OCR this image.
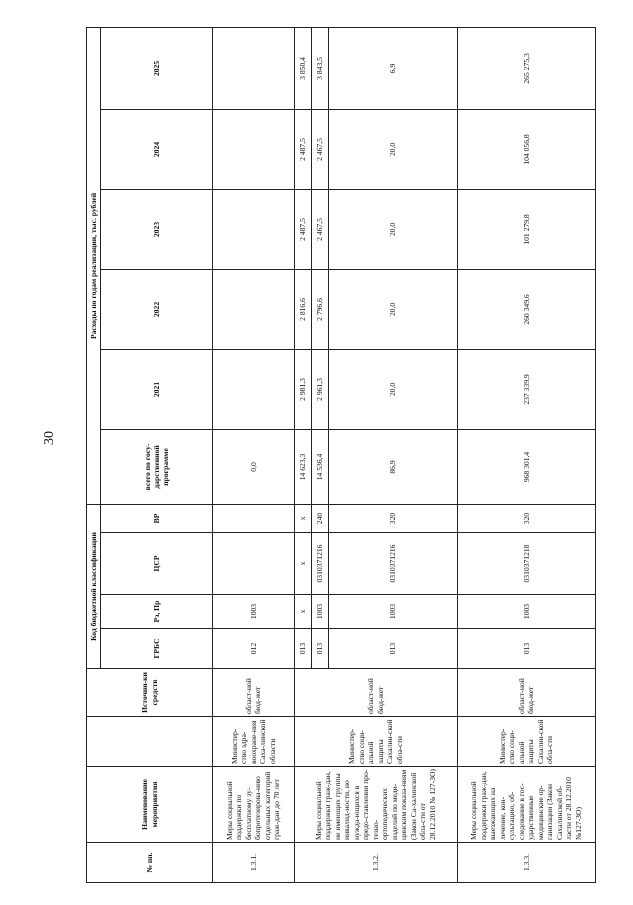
30
№ пп.	Наименование мероприятия		Источни-ки средств	Код бюджетной классификации				Расходы по годам реализации, тыс. рублей					
				ГРБС	Рз, Пр	ЦСР	ВР	всего по госу-дарственной программе	2021	2022	2023	2024	2025
1.3.1.	Меры социальной поддержки по бесплатному зу-бопротезирова-нию отдельных категорий граж-дан до 70 лет	Министер-ство здра-воохране-ния Саха-линской области	област-ной бюд-жет	012	1003			0,0					
1.3.2.	Меры социальной поддержки граж-дан, не имеющих группы инвалид-ности, но нужда-ющихся в предо-ставлении про-тезно-ортопедических изделий по меди-цинским показа-ниям (Закон Са-халинской обла-сти от 28.12.2010 № 127-ЗО)	Министер-ство соци-альной защиты Сахалин-ской обла-сти	област-ной бюд-жет	013	x	x	x	14 623,3	2 981,3	2 816,6	2 487,5	2 487,5	3 850,4
				013	1003	0310371216	240	14 536,4	2 961,3	2 796,6	2 467,5	2 467,5	3 843,5
				013	1003	0310371216	320	86,9	20,0	20,0	20,0	20,0	6,9
1.3.3.	Меры социальной поддержки граж-дан, выезжающих на лечение, кон-сультацию, об-следование в гос-ударственные медицинские ор-ганизации (Закон Сахалинской об-ласти от 28.12.2010 №127-ЗО)	Министер-ство соци-альной защиты Сахалин-ской обла-сти	област-ной бюд-жет	013	1003	0310371218	320	968 301,4	237 339,9	260 349,6	101 279,8	104 056,8	265 275,3
